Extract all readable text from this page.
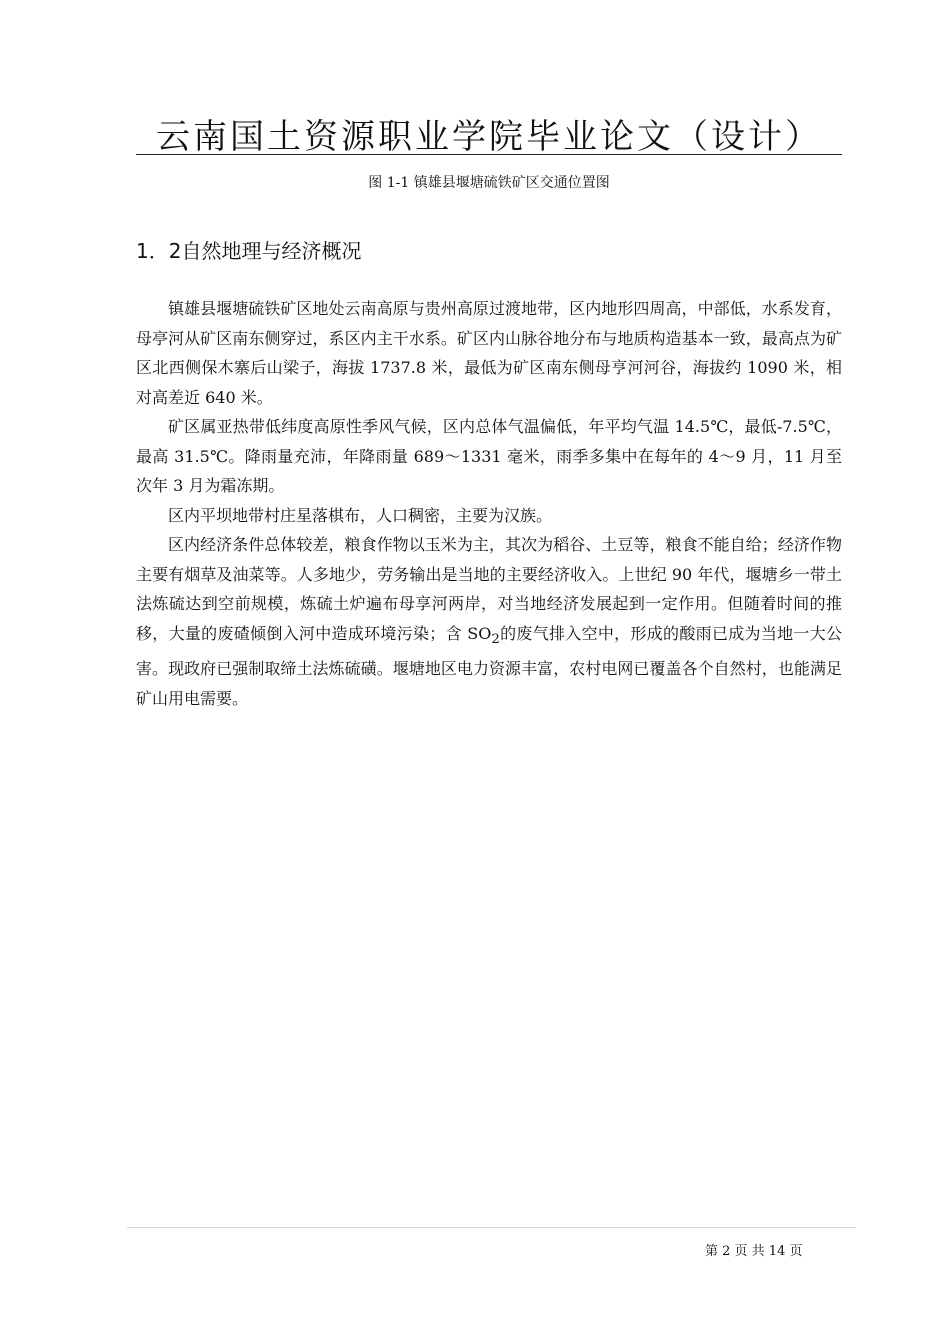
云南国土资源职业学院毕业论文（设计）
图 1-1 镇雄县堰塘硫铁矿区交通位置图
1．2自然地理与经济概况

镇雄县堰塘硫铁矿区地处云南高原与贵州高原过渡地带，区内地形四周高，中部低，水系发育，母亭河从矿区南东侧穿过，系区内主干水系。矿区内山脉谷地分布与地质构造基本一致，最高点为矿区北西侧保木寨后山梁子，海拔 1737.8 米，最低为矿区南东侧母亨河河谷，海拔约 1090 米，相对高差近 640 米。

矿区属亚热带低纬度高原性季风气候，区内总体气温偏低，年平均气温 14.5℃，最低-7.5℃，最高 31.5℃。降雨量充沛，年降雨量 689～1331 毫米，雨季多集中在每年的 4～9 月，11 月至次年 3 月为霜冻期。

区内平坝地带村庄星落棋布，人口稠密，主要为汉族。

区内经济条件总体较差，粮食作物以玉米为主，其次为稻谷、土豆等，粮食不能自给；经济作物主要有烟草及油菜等。人多地少，劳务输出是当地的主要经济收入。上世纪 90 年代，堰塘乡一带土法炼硫达到空前规模，炼硫土炉遍布母享河两岸，对当地经济发展起到一定作用。但随着时间的推移，大量的废碴倾倒入河中造成环境污染；含 $SO_2$的废气排入空中，形成的酸雨已成为当地一大公害。现政府已强制取缔土法炼硫磺。堰塘地区电力资源丰富，农村电网已覆盖各个自然村，也能满足矿山用电需要。

第 2 页 共 14 页
